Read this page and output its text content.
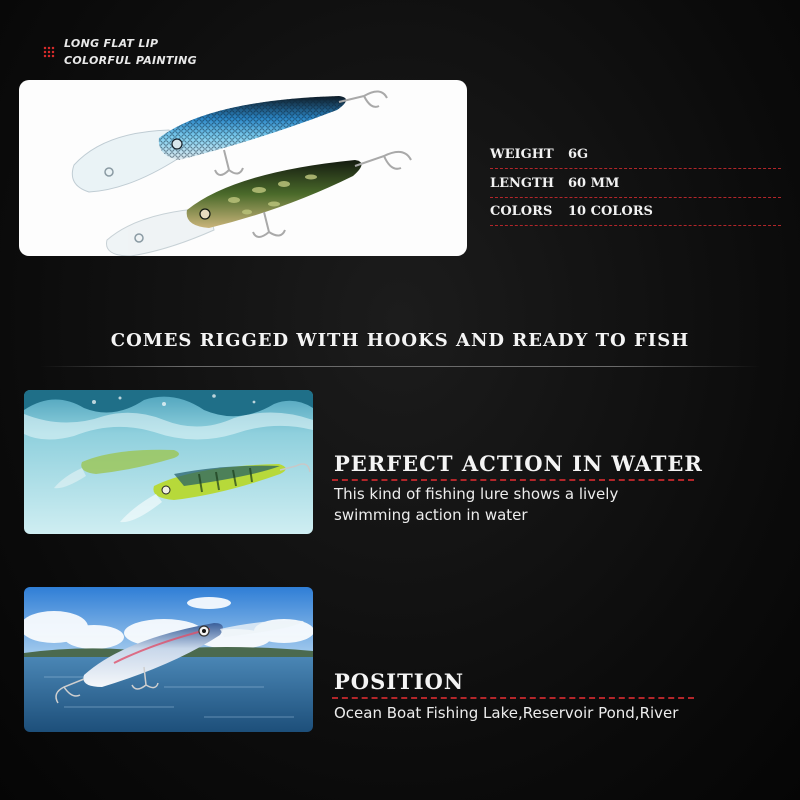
LONG FLAT LIP
COLORFUL PAINTING
WEIGHT 6G
LENGTH 60 MM
COLORS 10 COLORS
COMES RIGGED WITH HOOKS AND READY TO FISH
PERFECT ACTION IN WATER
This kind of fishing lure shows a lively
swimming action in water
POSITION
Ocean Boat Fishing Lake,Reservoir Pond,River
